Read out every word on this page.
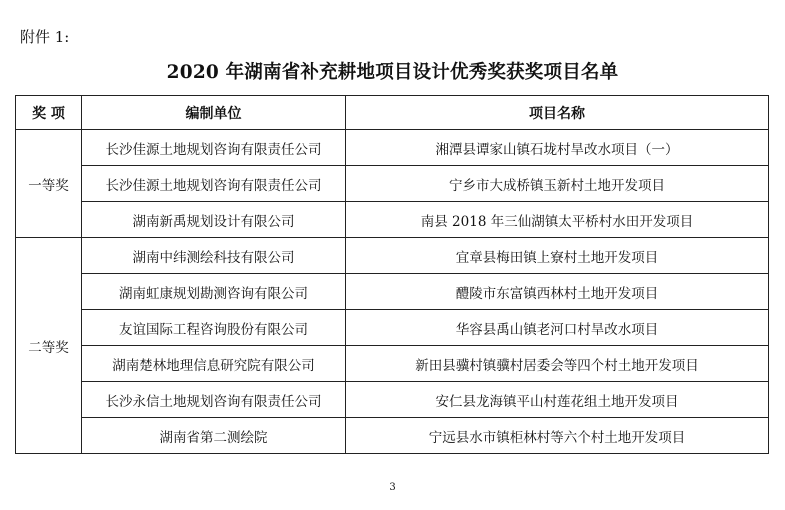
附件 1:
2020 年湖南省补充耕地项目设计优秀奖获奖项目名单
奖 项	编制单位	项目名称
一等奖	长沙佳源土地规划咨询有限责任公司	湘潭县谭家山镇石垅村旱改水项目（一）
	长沙佳源土地规划咨询有限责任公司	宁乡市大成桥镇玉新村土地开发项目
	湖南新禹规划设计有限公司	南县 2018 年三仙湖镇太平桥村水田开发项目
二等奖	湖南中纬测绘科技有限公司	宜章县梅田镇上寮村土地开发项目
	湖南虹康规划勘测咨询有限公司	醴陵市东富镇西林村土地开发项目
	友谊国际工程咨询股份有限公司	华容县禹山镇老河口村旱改水项目
	湖南楚林地理信息研究院有限公司	新田县骥村镇骥村居委会等四个村土地开发项目
	长沙永信土地规划咨询有限责任公司	安仁县龙海镇平山村莲花组土地开发项目
	湖南省第二测绘院	宁远县水市镇柜林村等六个村土地开发项目
3
